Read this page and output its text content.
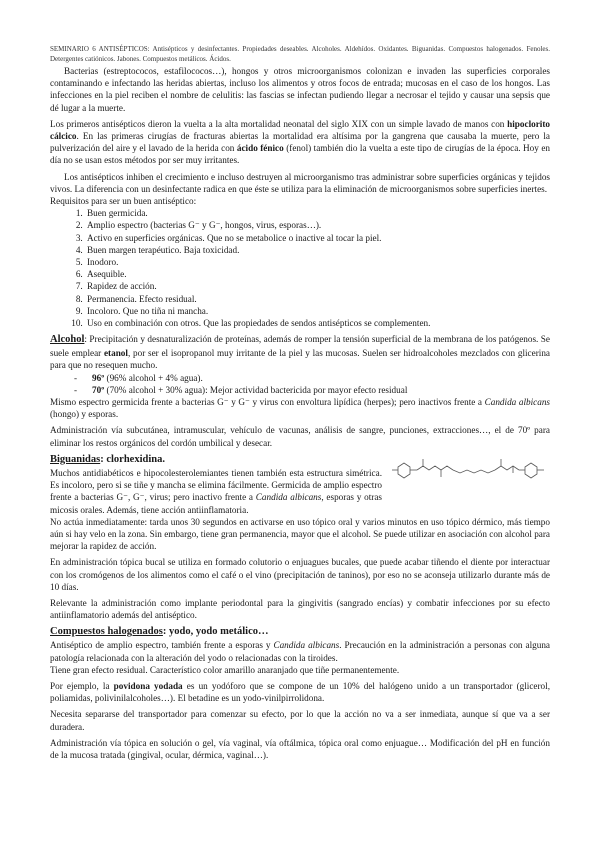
SEMINARIO 6 ANTISÉPTICOS: Antisépticos y desinfectantes. Propiedades deseables. Alcoholes. Aldehídos. Oxidantes. Biguanidas. Compuestos halogenados. Fenoles. Detergentes catiónicos. Jabones. Compuestos metálicos. Ácidos.

Bacterias (estreptococos, estafilococos…), hongos y otros microorganismos colonizan e invaden las superficies corporales contaminando e infectando las heridas abiertas, incluso los alimentos y otros focos de entrada; mucosas en el caso de los hongos. Las infecciones en la piel reciben el nombre de celulitis: las fascias se infectan pudiendo llegar a necrosar el tejido y causar una sepsis que dé lugar a la muerte.

Los primeros antisépticos dieron la vuelta a la alta mortalidad neonatal del siglo XIX con un simple lavado de manos con hipoclorito cálcico. En las primeras cirugías de fracturas abiertas la mortalidad era altísima por la gangrena que causaba la muerte, pero la pulverización del aire y el lavado de la herida con ácido fénico (fenol) también dio la vuelta a este tipo de cirugías de la época. Hoy en día no se usan estos métodos por ser muy irritantes.

Los antisépticos inhiben el crecimiento e incluso destruyen al microorganismo tras administrar sobre superficies orgánicas y tejidos vivos. La diferencia con un desinfectante radica en que éste se utiliza para la eliminación de microorganismos sobre superficies inertes.

Requisitos para ser un buen antiséptico:

1. Buen germicida.
2. Amplio espectro (bacterias G⁻ y G⁻, hongos, virus, esporas…).
3. Activo en superficies orgánicas. Que no se metabolice o inactive al tocar la piel.
4. Buen margen terapéutico. Baja toxicidad.
5. Inodoro.
6. Asequible.
7. Rapidez de acción.
8. Permanencia. Efecto residual.
9. Incoloro. Que no tiña ni mancha.
10. Uso en combinación con otros. Que las propiedades de sendos antisépticos se complementen.

Alcohol: Precipitación y desnaturalización de proteínas, además de romper la tensión superficial de la membrana de los patógenos. Se suele emplear etanol, por ser el isopropanol muy irritante de la piel y las mucosas. Suelen ser hidroalcoholes mezclados con glicerina para que no resequen mucho.

- 96º (96% alcohol + 4% agua).
- 70º (70% alcohol + 30% agua): Mejor actividad bactericida por mayor efecto residual

Mismo espectro germicida frente a bacterias G⁻ y G⁻ y virus con envoltura lipídica (herpes); pero inactivos frente a Candida albicans (hongo) y esporas.

Administración vía subcutánea, intramuscular, vehículo de vacunas, análisis de sangre, punciones, extracciones…, el de 70º para eliminar los restos orgánicos del cordón umbilical y desecar.

Biguanidas: clorhexidina.

Muchos antidiabéticos e hipocolesterolemiantes tienen también esta estructura simétrica. Es incoloro, pero si se tiñe y mancha se elimina fácilmente. Germicida de amplio espectro frente a bacterias G⁻, G⁻, virus; pero inactivo frente a Candida albicans, esporas y otras micosis orales. Además, tiene acción antiinflamatoria.

No actúa inmediatamente: tarda unos 30 segundos en activarse en uso tópico oral y varios minutos en uso tópico dérmico, más tiempo aún si hay velo en la zona. Sin embargo, tiene gran permanencia, mayor que el alcohol. Se puede utilizar en asociación con alcohol para mejorar la rapidez de acción.

En administración tópica bucal se utiliza en formado colutorio o enjuagues bucales, que puede acabar tiñendo el diente por interactuar con los cromógenos de los alimentos como el café o el vino (precipitación de taninos), por eso no se aconseja utilizarlo durante más de 10 días.

Relevante la administración como implante periodontal para la gingivitis (sangrado encías) y combatir infecciones por su efecto antiinflamatorio además del antiséptico.

Compuestos halogenados: yodo, yodo metálico…

Antiséptico de amplio espectro, también frente a esporas y Candida albicans. Precaución en la administración a personas con alguna patología relacionada con la alteración del yodo o relacionadas con la tiroides.

Tiene gran efecto residual. Característico color amarillo anaranjado que tiñe permanentemente.

Por ejemplo, la povidona yodada es un yodóforo que se compone de un 10% del halógeno unido a un transportador (glicerol, poliamidas, polivinilalcoholes…). El betadine es un yodo-vinilpirrolidona.

Necesita separarse del transportador para comenzar su efecto, por lo que la acción no va a ser inmediata, aunque sí que va a ser duradera.

Administración vía tópica en solución o gel, vía vaginal, vía oftálmica, tópica oral como enjuague… Modificación del pH en función de la mucosa tratada (gingival, ocular, dérmica, vaginal…).
